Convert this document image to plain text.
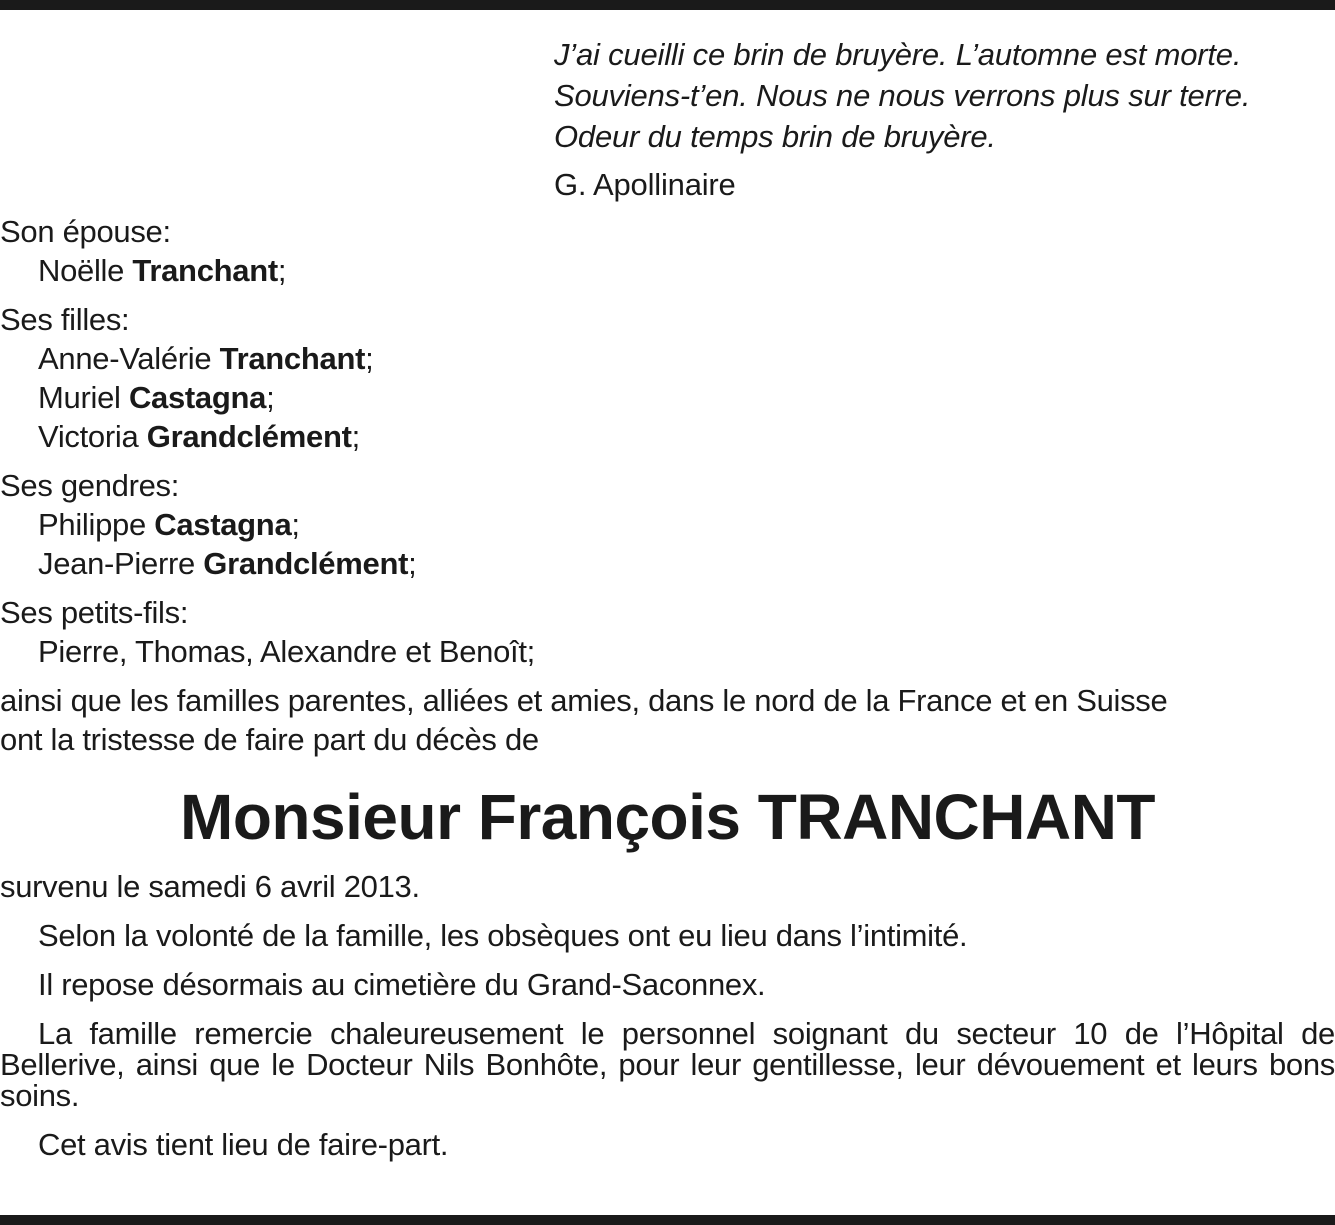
J’ai cueilli ce brin de bruyère. L’automne est morte.
Souviens-t’en. Nous ne nous verrons plus sur terre.
Odeur du temps brin de bruyère.
G. Apollinaire
Son épouse:
Noëlle Tranchant;
Ses filles:
Anne-Valérie Tranchant;
Muriel Castagna;
Victoria Grandclément;
Ses gendres:
Philippe Castagna;
Jean-Pierre Grandclément;
Ses petits-fils:
Pierre, Thomas, Alexandre et Benoît;
ainsi que les familles parentes, alliées et amies, dans le nord de la France et en Suisse
ont la tristesse de faire part du décès de
Monsieur François TRANCHANT
survenu le samedi 6 avril 2013.
Selon la volonté de la famille, les obsèques ont eu lieu dans l’intimité.
Il repose désormais au cimetière du Grand-Saconnex.
La famille remercie chaleureusement le personnel soignant du secteur 10 de l’Hôpital de Bellerive, ainsi que le Docteur Nils Bonhôte, pour leur gentillesse, leur dévouement et leurs bons soins.
Cet avis tient lieu de faire-part.
